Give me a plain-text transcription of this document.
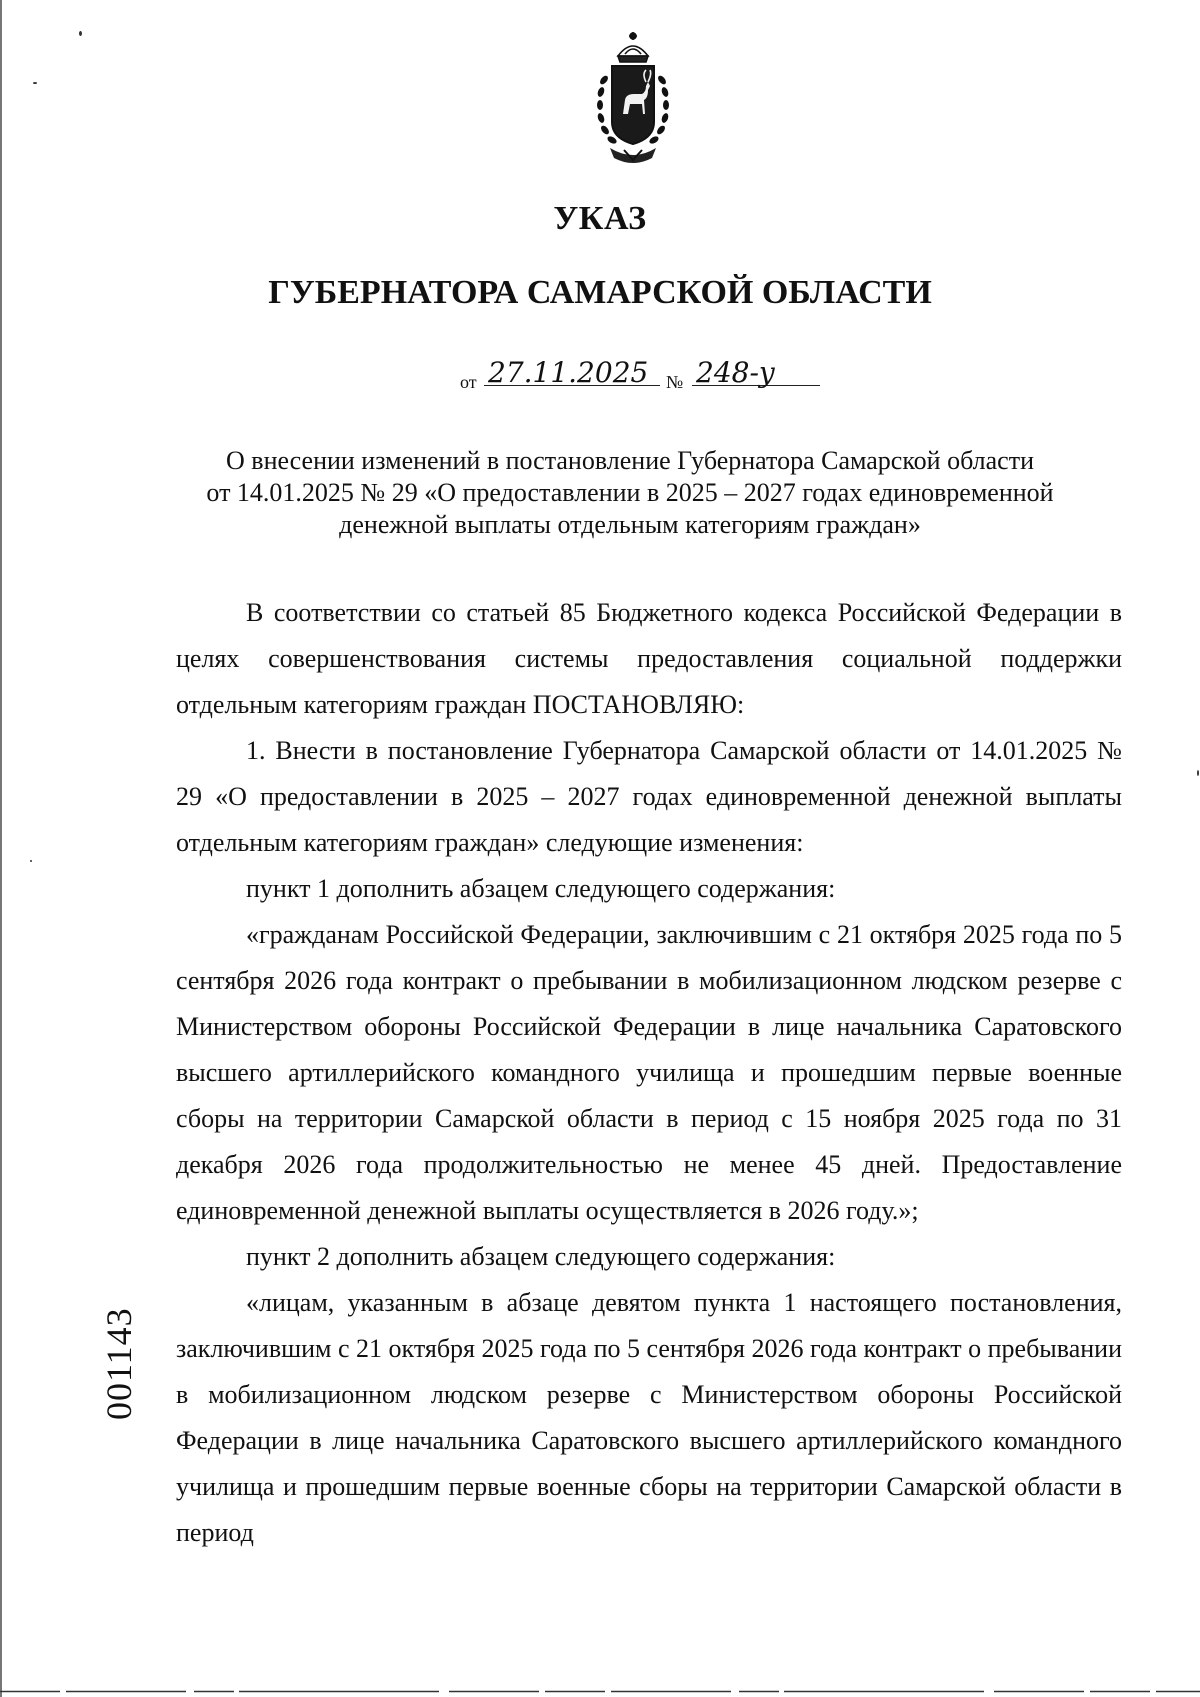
УКАЗ
ГУБЕРНАТОРА САМАРСКОЙ ОБЛАСТИ
от 27.11.2025 № 248-у
О внесении изменений в постановление Губернатора Самарской области
от 14.01.2025 № 29 «О предоставлении в 2025 – 2027 годах единовременной
денежной выплаты отдельным категориям граждан»

В соответствии со статьей 85 Бюджетного кодекса Российской Федерации в целях совершенствования системы предоставления социальной поддержки отдельным категориям граждан ПОСТАНОВЛЯЮ:

1. Внести в постановление Губернатора Самарской области от 14.01.2025 № 29 «О предоставлении в 2025 – 2027 годах единовременной денежной выплаты отдельным категориям граждан» следующие изменения:

пункт 1 дополнить абзацем следующего содержания:

«гражданам Российской Федерации, заключившим с 21 октября 2025 года по 5 сентября 2026 года контракт о пребывании в мобилизационном людском резерве с Министерством обороны Российской Федерации в лице начальника Саратовского высшего артиллерийского командного училища и прошедшим первые военные сборы на территории Самарской области в период с 15 ноября 2025 года по 31 декабря 2026 года продолжительностью не менее 45 дней. Предоставление единовременной денежной выплаты осуществляется в 2026 году.»;

пункт 2 дополнить абзацем следующего содержания:

«лицам, указанным в абзаце девятом пункта 1 настоящего постановления, заключившим с 21 октября 2025 года по 5 сентября 2026 года контракт о пребывании в мобилизационном людском резерве с Министерством обороны Российской Федерации в лице начальника Саратовского высшего артиллерийского командного училища и прошедшим первые военные сборы на территории Самарской области в период

001143
